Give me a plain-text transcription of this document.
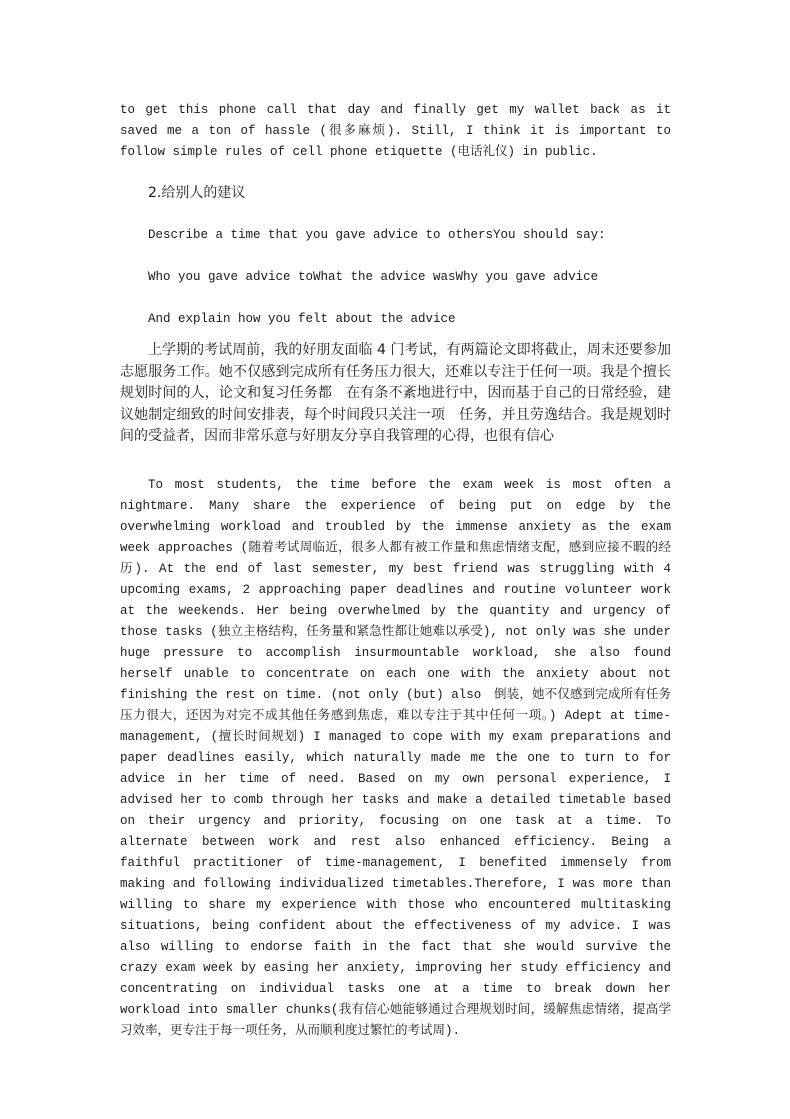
to get this phone call that day and finally get my wallet back as it saved me a ton of hassle (很多麻烦). Still, I think it is important to follow simple rules of cell phone etiquette (电话礼仪) in public.

2.给别人的建议

Describe a time that you gave advice to othersYou should say:

Who you gave advice toWhat the advice wasWhy you gave advice

And explain how you felt about the advice

上学期的考试周前，我的好朋友面临 4 门考试，有两篇论文即将截止，周末还要参加志愿服务工作。她不仅感到完成所有任务压力很大，还难以专注于任何一项。我是个擅长规划时间的人，论文和复习任务都　在有条不紊地进行中，因而基于自己的日常经验，建议她制定细致的时间安排表，每个时间段只关注一项　任务，并且劳逸结合。我是规划时间的受益者，因而非常乐意与好朋友分享自我管理的心得，也很有信心

To most students, the time before the exam week is most often a nightmare. Many share the experience of being put on edge by the overwhelming workload and troubled by the immense anxiety as the exam week approaches (随着考试周临近，很多人都有被工作量和焦虑情绪支配，感到应接不暇的经历). At the end of last semester, my best friend was struggling with 4 upcoming exams, 2 approaching paper deadlines and routine volunteer work at the weekends. Her being overwhelmed by the quantity and urgency of those tasks (独立主格结构，任务量和紧急性都让她难以承受), not only was she under huge pressure to accomplish insurmountable workload, she also found herself unable to concentrate on each one with the anxiety about not finishing the rest on time. (not only (but) also　倒装，她不仅感到完成所有任务压力很大，还因为对完不成其他任务感到焦虑，难以专注于其中任何一项。) Adept at time-management, (擅长时间规划) I managed to cope with my exam preparations and paper deadlines easily, which naturally made me the one to turn to for advice in her time of need. Based on my own personal experience, I advised her to comb through her tasks and make a detailed timetable based on their urgency and priority, focusing on one task at a time. To alternate between work and rest also enhanced efficiency. Being a faithful practitioner of time-management, I benefited immensely from making and following individualized timetables.Therefore, I was more than willing to share my experience with those who encountered multitasking situations, being confident about the effectiveness of my advice. I was also willing to endorse faith in the fact that she would survive the crazy exam week by easing her anxiety, improving her study efficiency and concentrating on individual tasks one at a time to break down her workload into smaller chunks(我有信心她能够通过合理规划时间，缓解焦虑情绪，提高学习效率，更专注于每一项任务，从而顺利度过繁忙的考试周).
